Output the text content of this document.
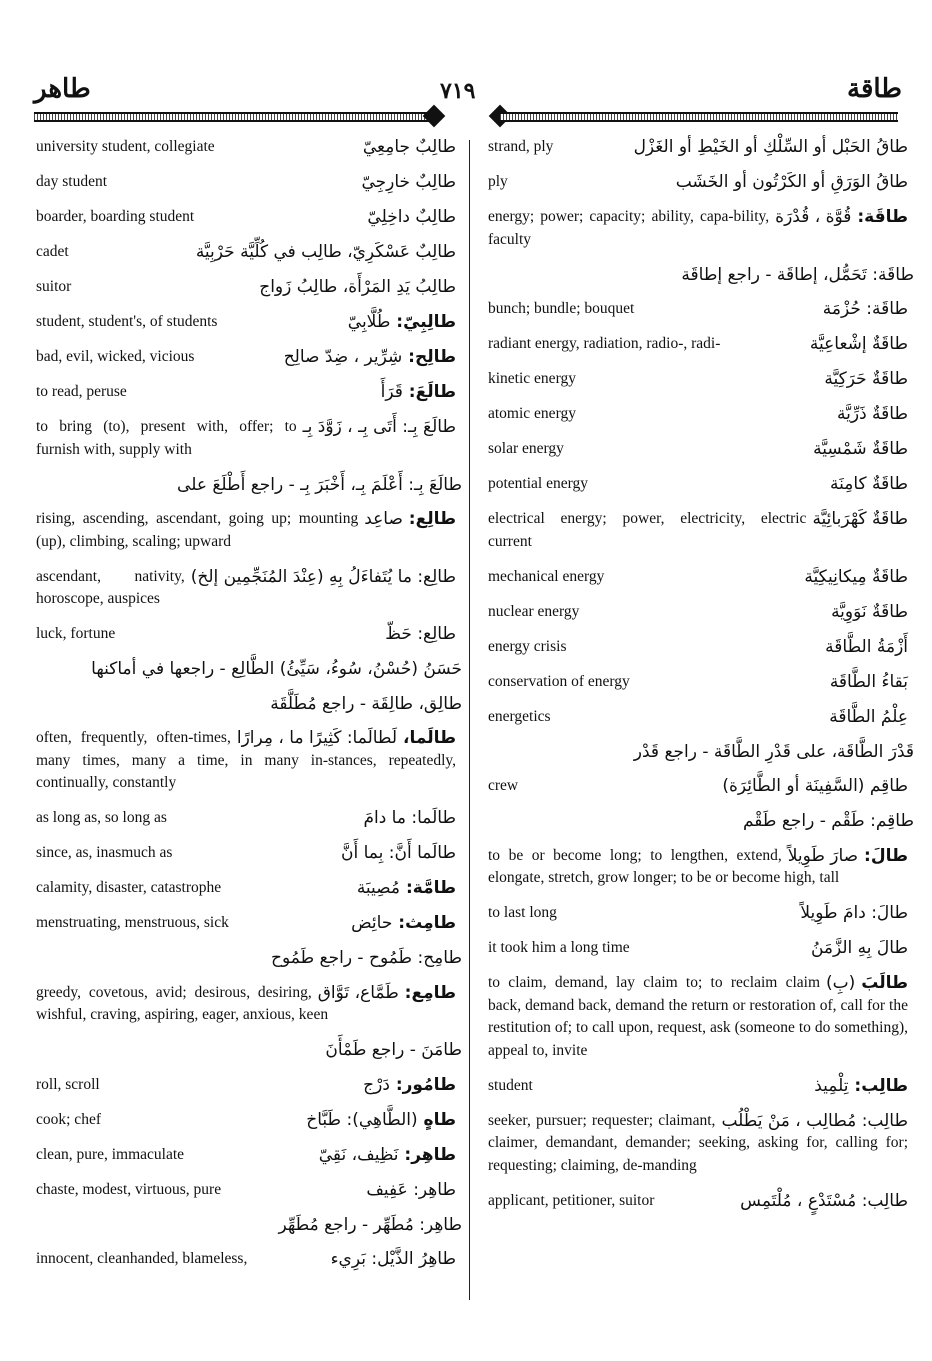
طاهر	٧١٩	طاقة
طالِبٌ جامِعِيّ
university student, collegiate
طالِبٌ خارِجِيّ
day student
طالِبٌ داخِلِيّ
boarder, boarding student
طالِبٌ عَسْكَرِيّ، طالِب في كُلِّيَّة حَرْبِيَّة
cadet
طالِبُ يَدِ المَرْأَة، طالِبُ زَواج
suitor
طالِبِيّ: طُلَّابِيّ
student, student's, of students
طالِح: شِرِّير ، ضِدّ صالِح
bad, evil, wicked, vicious
طالَعَ: قَرَأَ
to read, peruse
طالَعَ بِـ: أَتَى بِـ ، زَوَّدَ بِـ
to bring (to), present with, offer; to furnish with, supply with
طالَعَ بِـ: أَعْلَمَ بِـ، أَخْبَرَ بِـ - راجع أَطْلَعَ على
طالِع: صاعِد
rising, ascending, ascendant, going up; mounting (up), climbing, scaling; upward
طالِع: ما يُتَفاءَلُ بِهِ (عِنْدَ المُنَجِّمِين إلخ)
ascendant, nativity, horoscope, auspices
طالِع: حَظّ
luck, fortune
حَسَنُ (حُسْنُ، سُوءُ، سَيِّئُ) الطَّالِع - راجعها في أماكنها
طالِق، طالِقَة - راجع مُطَلَّقَة
طالَما، لَطالَما: كَثِيرًا ما ، مِرارًا
often, frequently, often-times, many times, many a time, in many in-stances, repeatedly, continually, constantly
طالَما: ما دامَ
as long as, so long as
طالَما أَنَّ: بِما أَنَّ
since, as, inasmuch as
طامَّة: مُصِيبَة
calamity, disaster, catastrophe
طامِث: حائِض
menstruating, menstruous, sick
طامِح: طَمُوح - راجع طَمُوح
طامِع: طَمَّاع، تَوَّاق
greedy, covetous, avid; desirous, desiring, wishful, craving, aspiring, eager, anxious, keen
طامَنَ - راجع طَمْأَنَ
طامُور: دَرْج
roll, scroll
طاهٍ (الطَّاهِي): طَبَّاخ
cook; chef
طاهِر: نَظِيف، نَقِيّ
clean, pure, immaculate
طاهِر: عَفِيف
chaste, modest, virtuous, pure
طاهِر: مُطَهِّر - راجع مُطَهِّر
طاهِرُ الذَّيْل: بَرِيء
innocent, cleanhanded, blameless,
طاقُ الحَبْل أو السِّلْكِ أو الخَيْطِ أو الغَزْل
strand, ply
طاقُ الوَرَقِ أو الكَرْتُون أو الخَشَب
ply
طاقَة: قُوَّة ، قُدْرَة
energy; power; capacity; ability, capa-bility, faculty
طاقَة: تَحَمُّل، إطاقَة - راجع إطاقَة
طاقَة: حُزْمَة
bunch; bundle; bouquet
طاقَةٌ إشْعاعِيَّة
radiant energy, radiation, radio-, radi-
طاقَةٌ حَرَكِيَّة
kinetic energy
طاقَةٌ ذَرِّيَّة
atomic energy
طاقَةٌ شَمْسِيَّة
solar energy
طاقَةٌ كامِنَة
potential energy
طاقَةٌ كَهْرَبائِيَّة
electrical energy; power, electricity, electric current
طاقَةٌ مِيكانِيكِيَّة
mechanical energy
طاقَةٌ نَوَوِيَّة
nuclear energy
أَزْمَةُ الطَّاقَة
energy crisis
بَقاءُ الطَّاقَة
conservation of energy
عِلْمُ الطَّاقَة
energetics
قَدْرَ الطَّاقَة، على قَدْرِ الطَّاقَة - راجع قَدْر
طاقِم (السَّفِينَة أو الطَّائِرَة)
crew
طاقِم: طَقْم - راجع طَقْم
طالَ: صارَ طَوِيلاً
to be or become long; to lengthen, extend, elongate, stretch, grow longer; to be or become high, tall
طالَ: دامَ طَوِيلاً
to last long
طالَ بِهِ الزَّمَنُ
it took him a long time
طالَبَ (بِ)
to claim, demand, lay claim to; to reclaim claim back, demand back, demand the return or restoration of, call for the restitution of; to call upon, request, ask (someone to do something), appeal to, invite
طالِب: تِلْمِيذ
student
طالِب: مُطالِب ، مَنْ يَطْلُب
seeker, pursuer; requester; claimant, claimer, demandant, demander; seeking, asking for, calling for; requesting; claiming, de-manding
طالِب: مُسْتَدْعٍ ، مُلْتَمِس
applicant, petitioner, suitor
